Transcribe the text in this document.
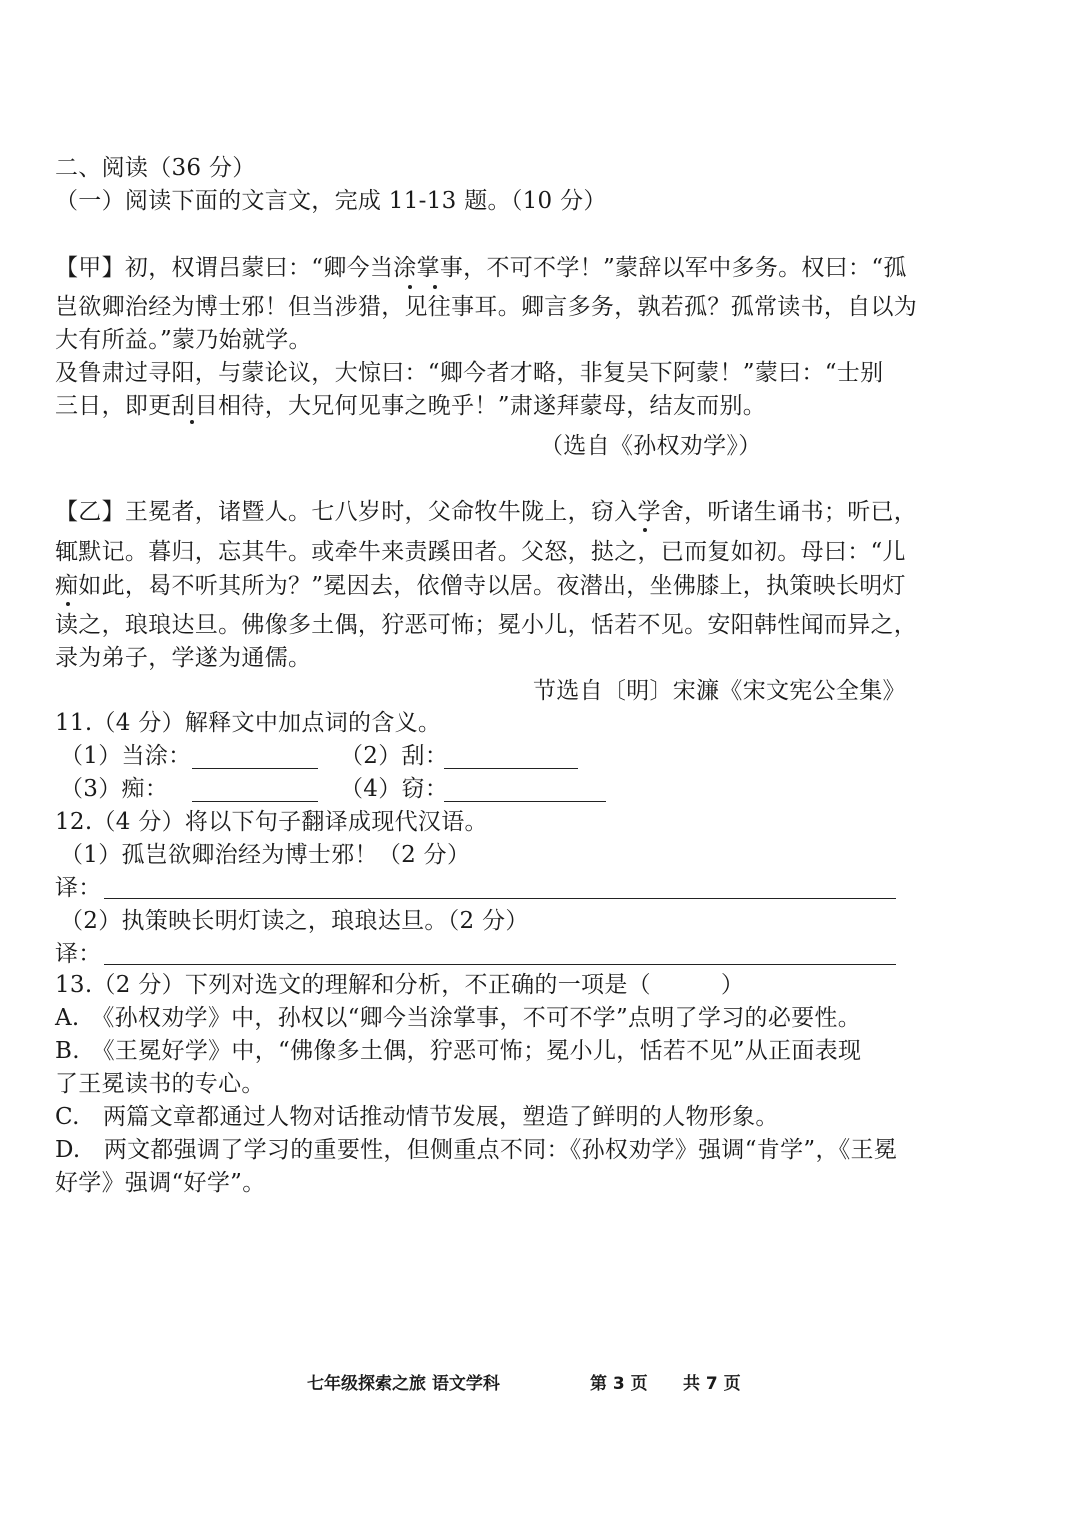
二、阅读（36 分）
（一）阅读下面的文言文，完成 11-13 题。（10 分）
【甲】初，权谓吕蒙曰：“卿今当涂掌事，不可不学！”蒙辞以军中多务。权曰：“孤
岂欲卿治经为博士邪！但当涉猎，见往事耳。卿言多务，孰若孤？孤常读书，自以为
大有所益。”蒙乃始就学。
及鲁肃过寻阳，与蒙论议，大惊曰：“卿今者才略，非复吴下阿蒙！”蒙曰：“士别
三日，即更刮目相待，大兄何见事之晚乎！”肃遂拜蒙母，结友而别。
（选自《孙权劝学》）
【乙】王冕者，诸暨人。七八岁时，父命牧牛陇上，窃入学舍，听诸生诵书；听已，
辄默记。暮归，忘其牛。或牵牛来责蹊田者。父怒，挞之，已而复如初。母曰：“儿
痴如此，曷不听其所为？”冕因去，依僧寺以居。夜潜出，坐佛膝上，执策映长明灯
读之，琅琅达旦。佛像多土偶，狞恶可怖；冕小儿，恬若不见。安阳韩性闻而异之，
录为弟子，学遂为通儒。
节选自〔明〕宋濂《宋文宪公全集》
11.（4 分）解释文中加点词的含义。
（1）当涂：	（2）刮：
（3）痴：	（4）窃：
12.（4 分）将以下句子翻译成现代汉语。
（1）孤岂欲卿治经为博士邪！（2 分）
译：
（2）执策映长明灯读之，琅琅达旦。（2 分）
译：
13.（2 分）下列对选文的理解和分析，不正确的一项是（　　　）
A.　《孙权劝学》中，孙权以“卿今当涂掌事，不可不学”点明了学习的必要性。
B.　《王冕好学》中，“佛像多土偶，狞恶可怖；冕小儿，恬若不见”从正面表现
了王冕读书的专心。
C.　两篇文章都通过人物对话推动情节发展，塑造了鲜明的人物形象。
D.　两文都强调了学习的重要性，但侧重点不同：《孙权劝学》强调“肯学”，《王冕
好学》强调“好学”。
七年级探索之旅 语文学科	第 3 页 共 7 页
